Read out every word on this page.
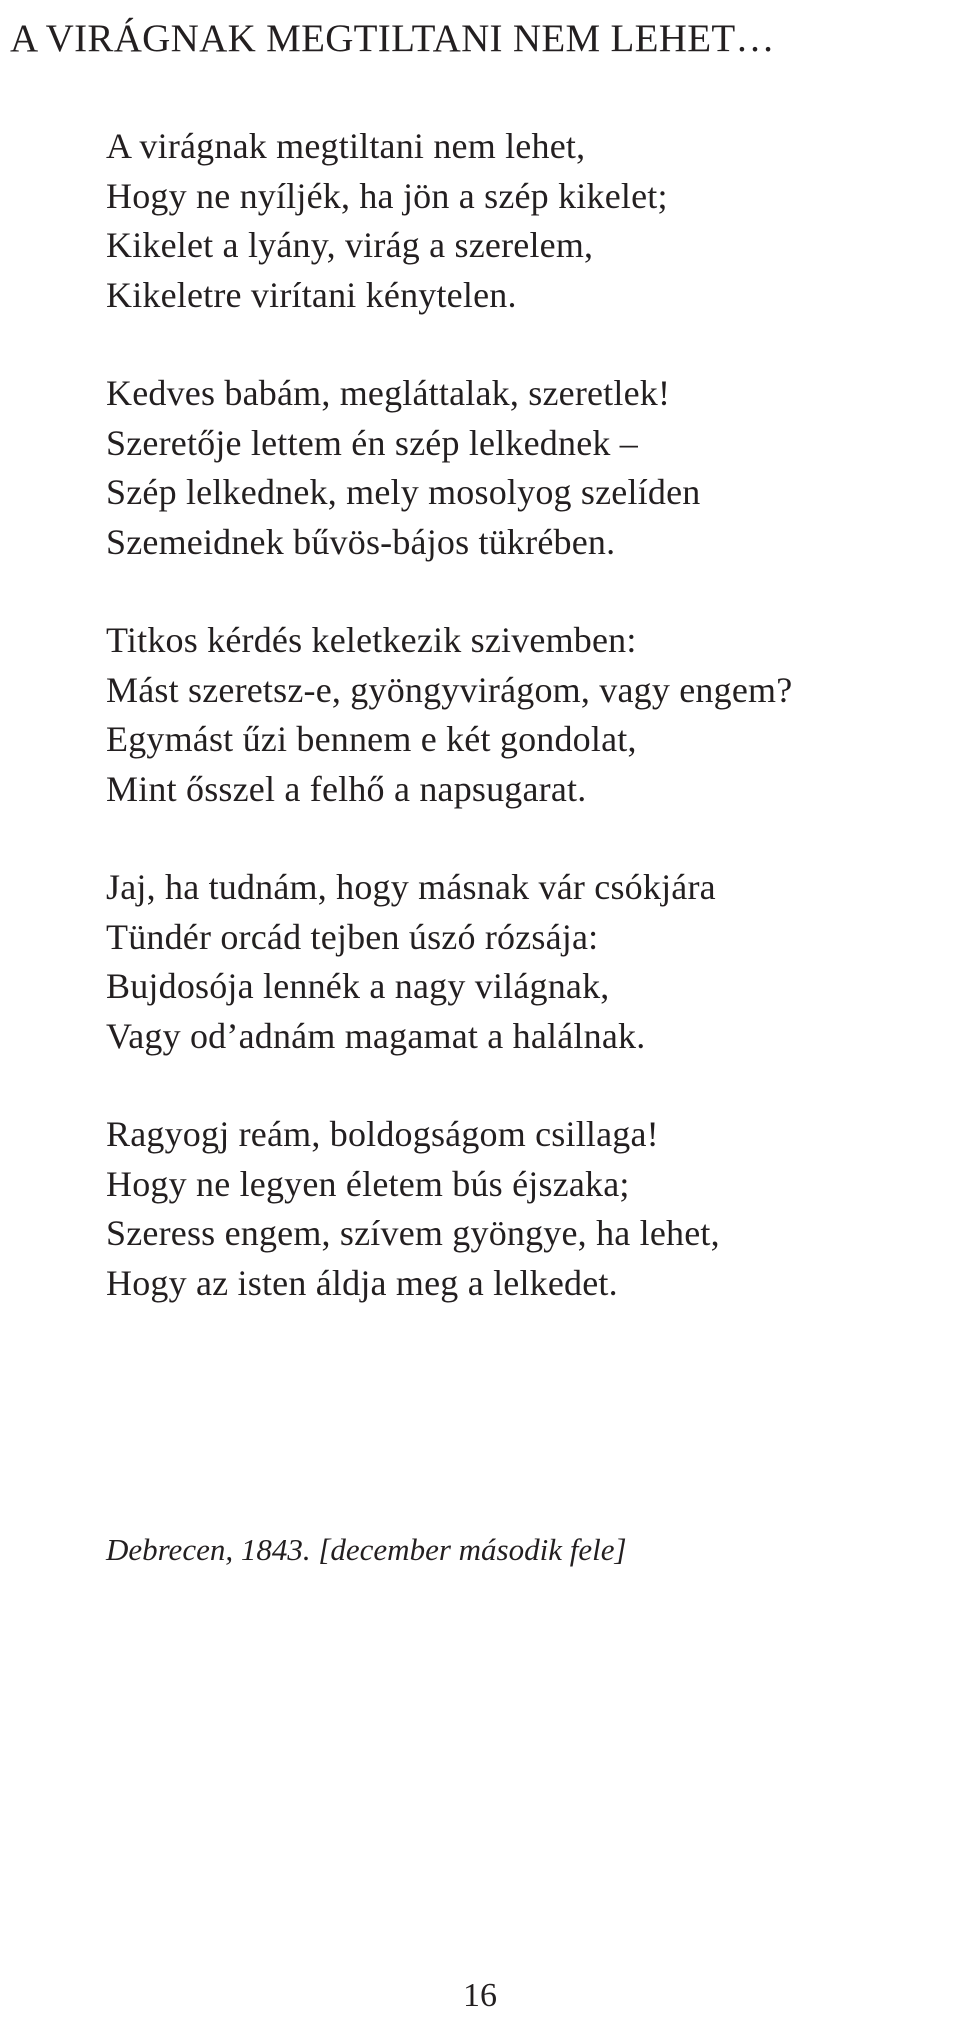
A VIRÁGNAK MEGTILTANI NEM LEHET…
A virágnak megtiltani nem lehet,
Hogy ne nyíljék, ha jön a szép kikelet;
Kikelet a lyány, virág a szerelem,
Kikeletre virítani kénytelen.
Kedves babám, megláttalak, szeretlek!
Szeretője lettem én szép lelkednek –
Szép lelkednek, mely mosolyog szelíden
Szemeidnek bűvös-bájos tükrében.
Titkos kérdés keletkezik szivemben:
Mást szeretsz-e, gyöngyvirágom, vagy engem?
Egymást űzi bennem e két gondolat,
Mint ősszel a felhő a napsugarat.
Jaj, ha tudnám, hogy másnak vár csókjára
Tündér orcád tejben úszó rózsája:
Bujdosója lennék a nagy világnak,
Vagy od’adnám magamat a halálnak.
Ragyogj reám, boldogságom csillaga!
Hogy ne legyen életem bús éjszaka;
Szeress engem, szívem gyöngye, ha lehet,
Hogy az isten áldja meg a lelkedet.
Debrecen, 1843. [december második fele]
16
